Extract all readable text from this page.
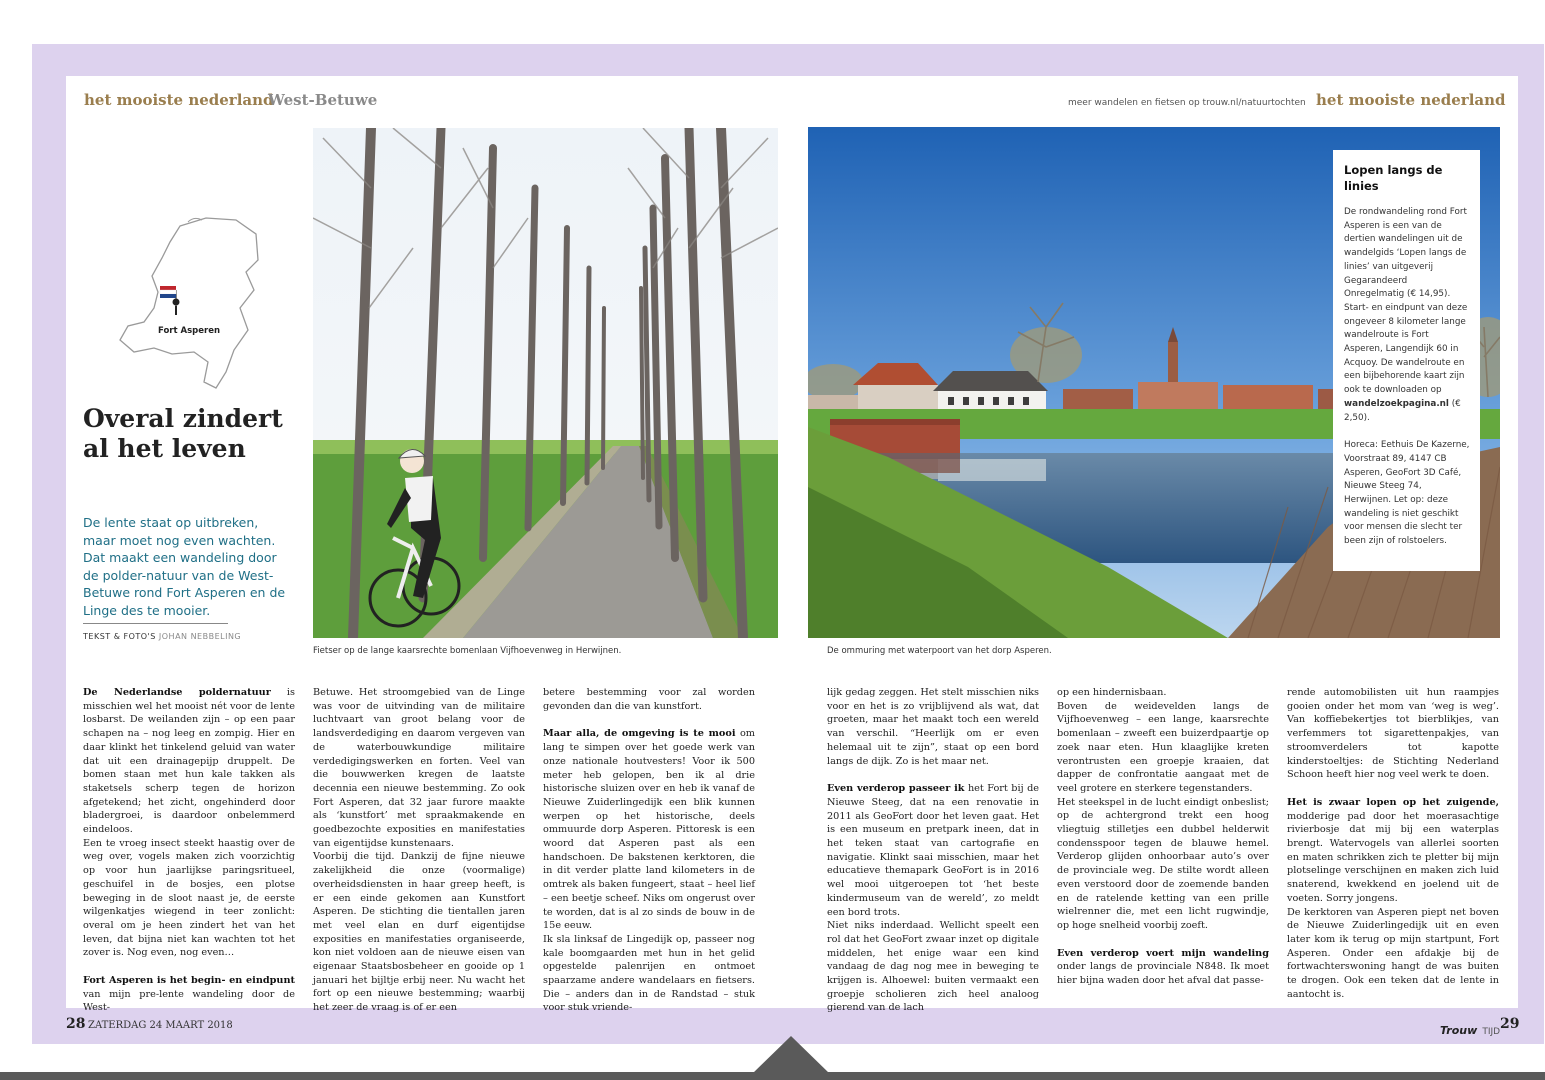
het mooiste nederland
West-Betuwe	meer wandelen en fietsen op trouw.nl/natuurtochten het mooiste nederland
Fort Asperen
Overal zindert al het leven
De lente staat op uitbreken, maar moet nog even wachten. Dat maakt een wandeling door de polder-natuur van de West-Betuwe rond Fort Asperen en de Linge des te mooier.
TEKST & FOTO'S JOHAN NEBBELING
Lopen langs de linies

De rondwandeling rond Fort Asperen is een van de dertien wandelingen uit de wandelgids ‘Lopen langs de linies’ van uitgeverij Gegarandeerd Onregelmatig (€ 14,95). Start- en eindpunt van deze ongeveer 8 kilometer lange wandelroute is Fort Asperen, Langendijk 60 in Acquoy. De wandelroute en een bijbehorende kaart zijn ook te downloaden op wandelzoekpagina.nl (€ 2,50).

Horeca: Eethuis De Kazerne, Voorstraat 89, 4147 CB Asperen, GeoFort 3D Café, Nieuwe Steeg 74, Herwijnen. Let op: deze wandeling is niet geschikt voor mensen die slecht ter been zijn of rolstoelers.

Fietser op de lange kaarsrechte bomenlaan Vijfhoevenweg in Herwijnen.	De ommuring met waterpoort van het dorp Asperen.

De Nederlandse poldernatuur is misschien wel het mooist nét voor de lente losbarst. De weilanden zijn – op een paar schapen na – nog leeg en zompig. Hier en daar klinkt het tinkelend geluid van water dat uit een drainagepijp druppelt. De bomen staan met hun kale takken als staketsels scherp tegen de horizon afgetekend; het zicht, ongehinderd door bladergroei, is daardoor onbelemmerd eindeloos.

Een te vroeg insect steekt haastig over de weg over, vogels maken zich voorzichtig op voor hun jaarlijkse paringsritueel, geschuifel in de bosjes, een plotse beweging in de sloot naast je, de eerste wilgenkatjes wiegend in teer zonlicht: overal om je heen zindert het van het leven, dat bijna niet kan wachten tot het zover is. Nog even, nog even…

Fort Asperen is het begin- en eindpunt van mijn pre-lente wandeling door de West-

Betuwe. Het stroomgebied van de Linge was voor de uitvinding van de militaire luchtvaart van groot belang voor de landsverdediging en daarom vergeven van de waterbouwkundige militaire verdedigingswerken en forten. Veel van die bouwwerken kregen de laatste decennia een nieuwe bestemming. Zo ook Fort Asperen, dat 32 jaar furore maakte als ‘kunstfort’ met spraakmakende en goedbezochte exposities en manifestaties van eigentijdse kunstenaars.

Voorbij die tijd. Dankzij de fijne nieuwe zakelijkheid die onze (voormalige) overheidsdiensten in haar greep heeft, is er een einde gekomen aan Kunstfort Asperen. De stichting die tientallen jaren met veel elan en durf eigentijdse exposities en manifestaties organiseerde, kon niet voldoen aan de nieuwe eisen van eigenaar Staatsbosbeheer en gooide op 1 januari het bijltje erbij neer. Nu wacht het fort op een nieuwe bestemming; waarbij het zeer de vraag is of er een

betere bestemming voor zal worden gevonden dan die van kunstfort.

Maar alla, de omgeving is te mooi om lang te simpen over het goede werk van onze nationale houtvesters! Voor ik 500 meter heb gelopen, ben ik al drie historische sluizen over en heb ik vanaf de Nieuwe Zuiderlingedijk een blik kunnen werpen op het historische, deels ommuurde dorp Asperen. Pittoresk is een woord dat Asperen past als een handschoen. De bakstenen kerktoren, die in dit verder platte land kilometers in de omtrek als baken fungeert, staat – heel lief – een beetje scheef. Niks om ongerust over te worden, dat is al zo sinds de bouw in de 15e eeuw.

Ik sla linksaf de Lingedijk op, passeer nog kale boomgaarden met hun in het gelid opgestelde palenrijen en ontmoet spaarzame andere wandelaars en fietsers. Die – anders dan in de Randstad – stuk voor stuk vriende-

lijk gedag zeggen. Het stelt misschien niks voor en het is zo vrijblijvend als wat, dat groeten, maar het maakt toch een wereld van verschil. “Heerlijk om er even helemaal uit te zijn”, staat op een bord langs de dijk. Zo is het maar net.

Even verderop passeer ik het Fort bij de Nieuwe Steeg, dat na een renovatie in 2011 als GeoFort door het leven gaat. Het is een museum en pretpark ineen, dat in het teken staat van cartografie en navigatie. Klinkt saai misschien, maar het educatieve themapark GeoFort is in 2016 wel mooi uitgeroepen tot ‘het beste kindermuseum van de wereld’, zo meldt een bord trots.

Niet niks inderdaad. Wellicht speelt een rol dat het GeoFort zwaar inzet op digitale middelen, het enige waar een kind vandaag de dag nog mee in beweging te krijgen is. Alhoewel: buiten vermaakt een groepje scholieren zich heel analoog gierend van de lach

op een hindernisbaan.

Boven de weidevelden langs de Vijfhoevenweg – een lange, kaarsrechte bomenlaan – zweeft een buizerdpaartje op zoek naar eten. Hun klaaglijke kreten verontrusten een groepje kraaien, dat dapper de confrontatie aangaat met de veel grotere en sterkere tegenstanders.

Het steekspel in de lucht eindigt onbeslist; op de achtergrond trekt een hoog vliegtuig stilletjes een dubbel helderwit condensspoor tegen de blauwe hemel. Verderop glijden onhoorbaar auto’s over de provinciale weg. De stilte wordt alleen even verstoord door de zoemende banden en de ratelende ketting van een prille wielrenner die, met een licht rugwindje, op hoge snelheid voorbij zoeft.

Even verderop voert mijn wandeling onder langs de provinciale N848. Ik moet hier bijna waden door het afval dat passe-

rende automobilisten uit hun raampjes gooien onder het mom van ‘weg is weg’. Van koffiebekertjes tot bierblikjes, van verfemmers tot sigarettenpakjes, van stroomverdelers tot kapotte kinderstoeltjes: de Stichting Nederland Schoon heeft hier nog veel werk te doen.

Het is zwaar lopen op het zuigende, modderige pad door het moerasachtige rivierbosje dat mij bij een waterplas brengt. Watervogels van allerlei soorten en maten schrikken zich te pletter bij mijn plotselinge verschijnen en maken zich luid snaterend, kwekkend en joelend uit de voeten. Sorry jongens.

De kerktoren van Asperen piept net boven de Nieuwe Zuiderlingedijk uit en even later kom ik terug op mijn startpunt, Fort Asperen. Onder een afdakje bij de fortwachterswoning hangt de was buiten te drogen. Ook een teken dat de lente in aantocht is.

28 ZATERDAG 24 MAART 2018	Trouw TIJD 29
